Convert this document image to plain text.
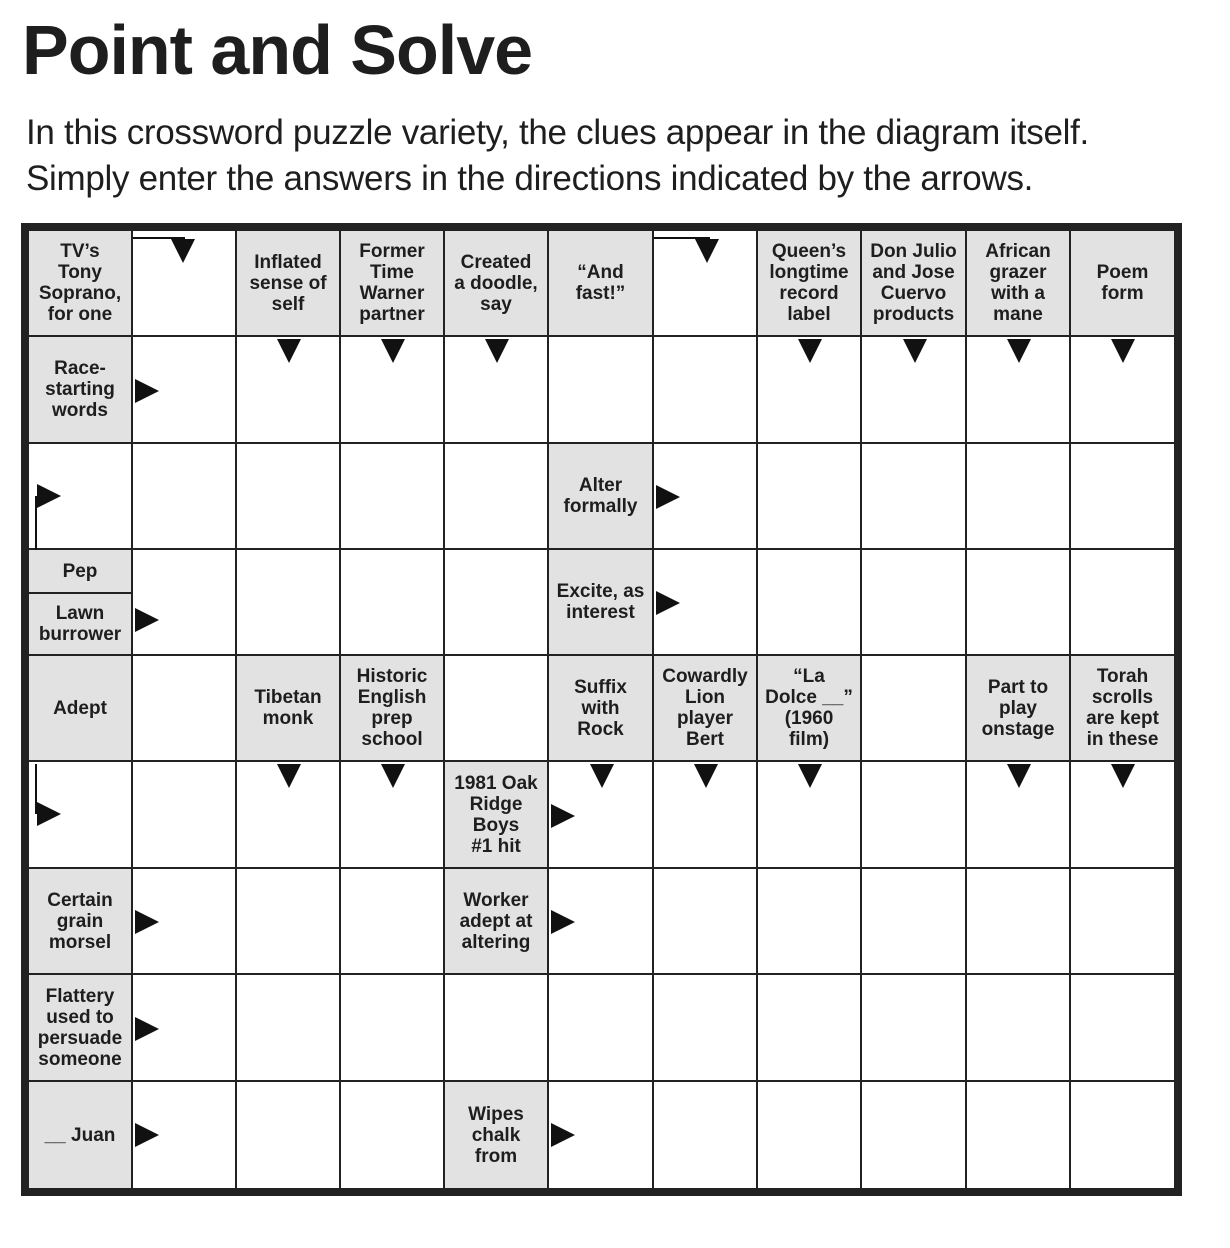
Point and Solve
In this crossword puzzle variety, the clues appear in the diagram itself.
Simply enter the answers in the directions indicated by the arrows.
TV’s
Tony
Soprano,
for one
Inflated
sense of
self
Former
Time
Warner
partner
Created
a doodle,
say
“And
fast!”
Queen’s
longtime
record
label
Don Julio
and Jose
Cuervo
products
African
grazer
with a
mane
Poem
form
Race-
starting
words
Alter
formally
Pep
Lawn
burrower
Excite, as
interest
Adept	Tibetan
monk
Historic
English
prep
school
Suffix
with
Rock
Cowardly
Lion
player
Bert
“La
Dolce __”
(1960
film)
Part to
play
onstage
Torah
scrolls
are kept
in these
1981 Oak
Ridge
Boys
#1 hit
Certain
grain
morsel
Worker
adept at
altering
Flattery
used to
persuade
someone
__ Juan
Wipes
chalk
from
